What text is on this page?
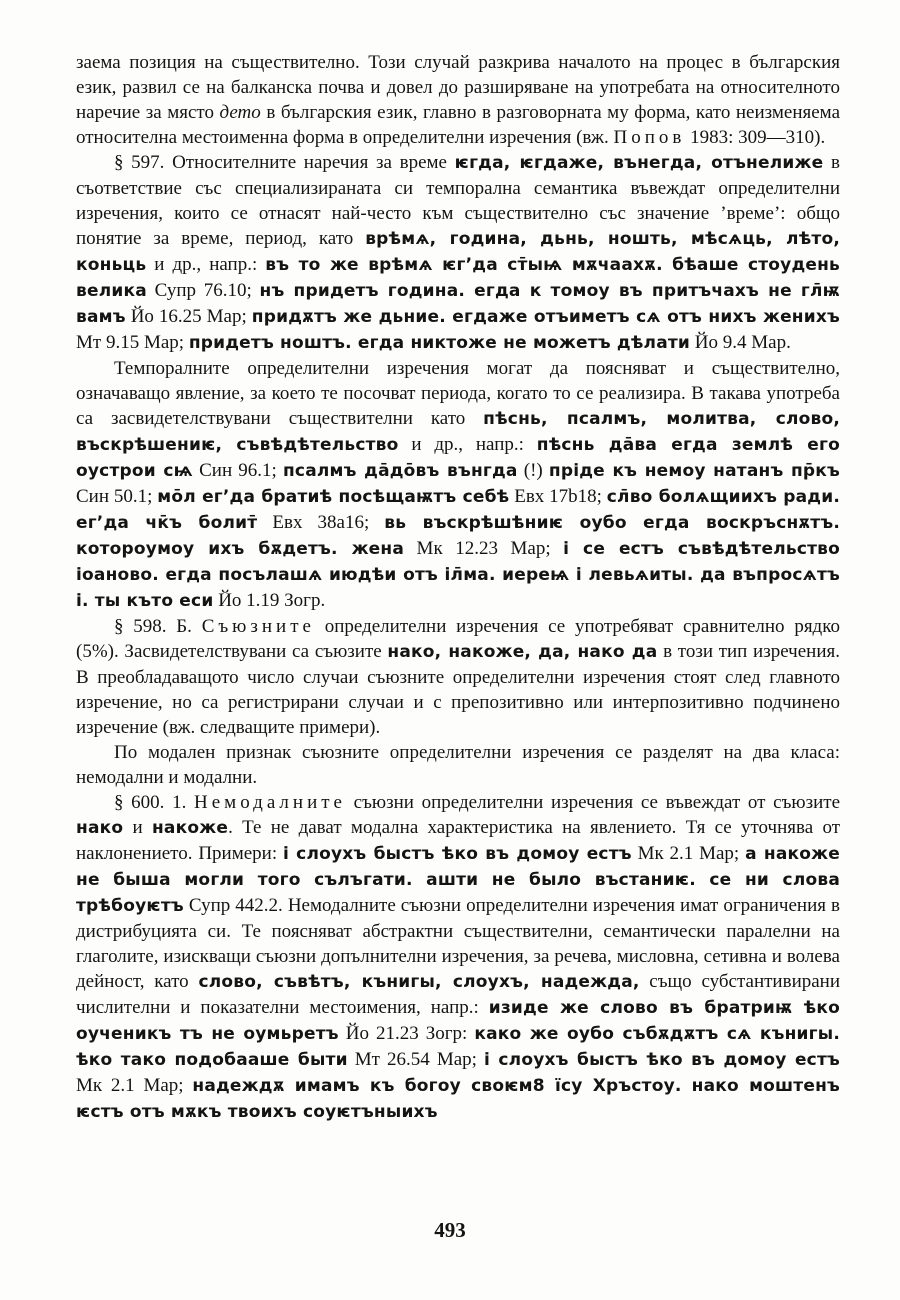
заема позиция на съществително. Този случай разкрива началото на процес в българския език, развил се на балканска почва и довел до разширяване на употребата на относителното наречие за място дето в българския език, главно в разговорната му форма, като неизменяема относителна местоименна форма в определителни изречения (вж. Попов 1983: 309—310).

§ 597. Относителните наречия за време ѥгда, ѥгдаже, вънегда, отънелиже в съответствие със специализираната си темпорална семантика въвеждат определителни изречения, които се отнасят най-често към съществително със значение ’време’: общо понятие за време, период, като врѣмѧ, година, дьнь, ношть, мѣсѧць, лѣто, коньць и др., напр.: въ то же врѣмѧ ѥг’да ст̄ыѩ мѫчаахѫ. бѣаше стоудень велика Супр 76.10; нъ придетъ година. егда к томоу въ притъчахъ не гл̄ѭ вамъ Йо 16.25 Мар; придѫтъ же дьние. егдаже отъиметъ сѧ отъ нихъ женихъ Мт 9.15 Мар; придетъ ноштъ. егда никтоже не можетъ дѣлати Йо 9.4 Мар.

Темпоралните определителни изречения могат да поясняват и съществително, означаващо явление, за което те посочват периода, когато то се реализира. В такава употреба са засвидетелствувани съществителни като пѣснь, псалмъ, молитва, слово, въскрѣшениѥ, съвѣдѣтельство и др., напр.: пѣснь да̄ва егда землѣ его оустрои сѩ Син 96.1; псалмъ да̄до̄въ вънгда (!) пріде къ немоу натанъ пр̄къ Син 50.1; мо̄л ег’да братиѣ посѣщаѭтъ себѣ Евх 17b18; сл̄во болѧщиихъ ради. ег’да чк̄ъ болит̄ Евх 38а16; вь въскрѣшѣниѥ оубо егда воскръснѫтъ. котороумоу ихъ бѫдетъ. жена Мк 12.23 Мар; і се естъ съвѣдѣтельство іоаново. егда посълашѧ июдѣи отъ іл̄ма. иереѩ і левьѧиты. да въпросѧтъ і. ты къто еси Йо 1.19 Зогр.

§ 598. Б. Съюзните определителни изречения се употребяват сравнително рядко (5%). Засвидетелствувани са съюзите нако, накоже, да, нако да в този тип изречения. В преобладаващото число случаи съюзните определителни изречения стоят след главното изречение, но са регистрирани случаи и с препозитивно или интерпозитивно подчинено изречение (вж. следващите примери).

По модален признак съюзните определителни изречения се разделят на два класа: немодални и модални.

§ 600. 1. Немодалните съюзни определителни изречения се въвеждат от съюзите нако и накоже. Те не дават модална характеристика на явлението. Тя се уточнява от наклонението. Примери: і слоухъ быстъ ѣко въ домоу естъ Мк 2.1 Мар; а накоже не быша могли того сълъгати. ашти не было въстаниѥ. се ни слова трѣбоуѥтъ Супр 442.2. Немодалните съюзни определителни изречения имат ограничения в дистрибуцията си. Те поясняват абстрактни съществителни, семантически паралелни на глаголите, изискващи съюзни допълнителни изречения, за речева, мисловна, сетивна и волева дейност, като слово, съвѣтъ, кънигы, слоухъ, надежда, също субстантивирани числителни и показателни местоимения, напр.: изиде же слово въ братриѭ ѣко оученикъ тъ не оумьретъ Йо 21.23 Зогр: како же оубо събѫдѫтъ сѧ кънигы. ѣко тако подобааше быти Мт 26.54 Мар; і слоухъ быстъ ѣко въ домоу естъ Мк 2.1 Мар; надеждѫ имамъ къ богоу своѥм8 їсу Хръстоу. нако моштенъ ѥстъ отъ мѫкъ твоихъ соуѥтъныихъ

493
